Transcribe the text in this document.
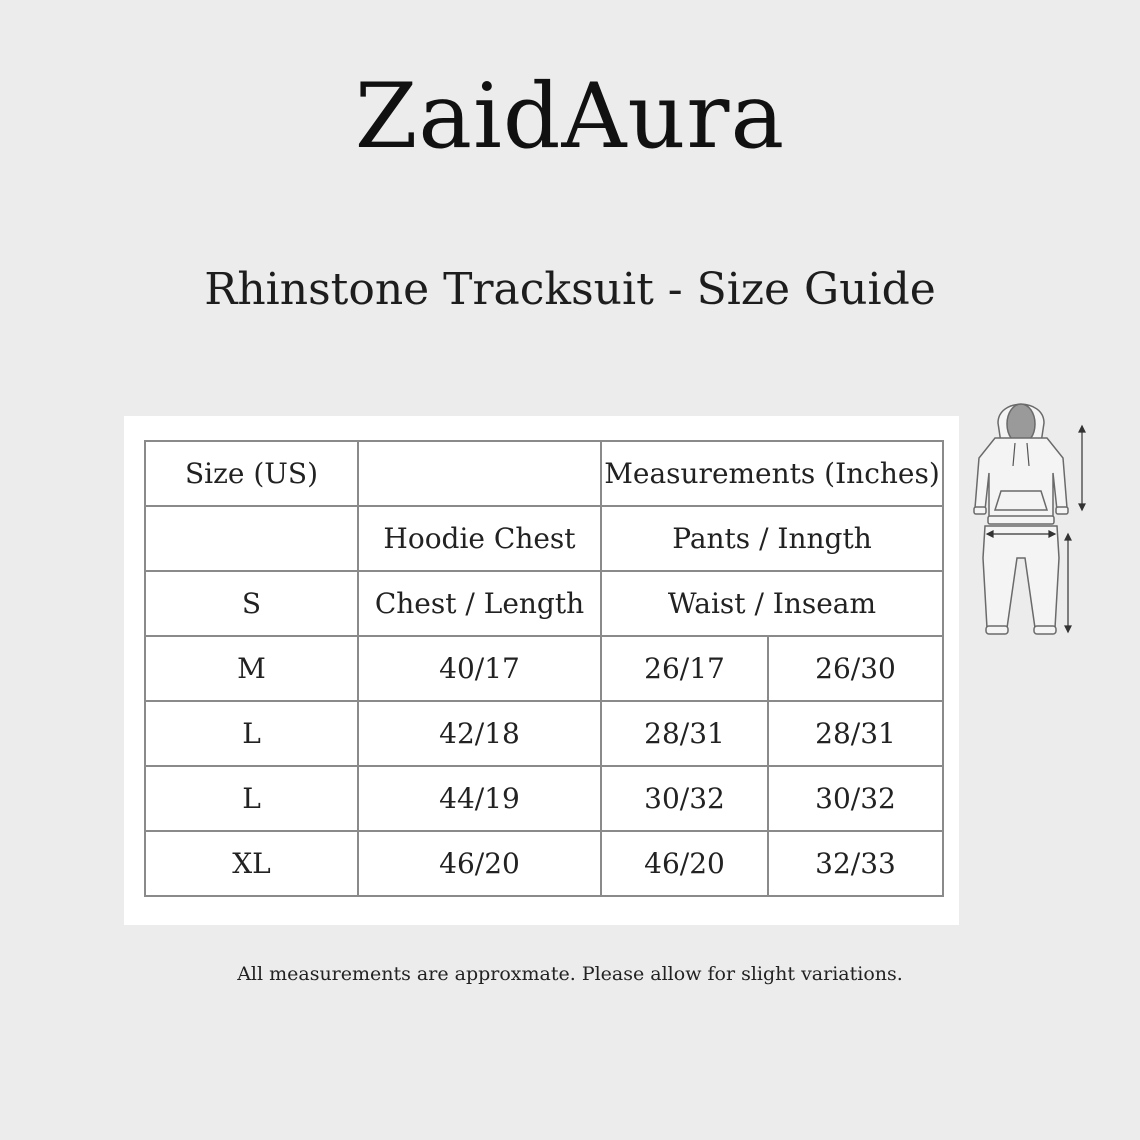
ZaidAura
Rhinstone Tracksuit - Size Guide
Size (US)		Measurements (Inches)	
	Hoodie Chest	Pants / Inngth	
S	Chest / Length	Waist / Inseam	
M	40/17	26/17	26/30
L	42/18	28/31	28/31
L	44/19	30/32	30/32
XL	46/20	46/20	32/33
All measurements are approxmate. Please allow for slight variations.
